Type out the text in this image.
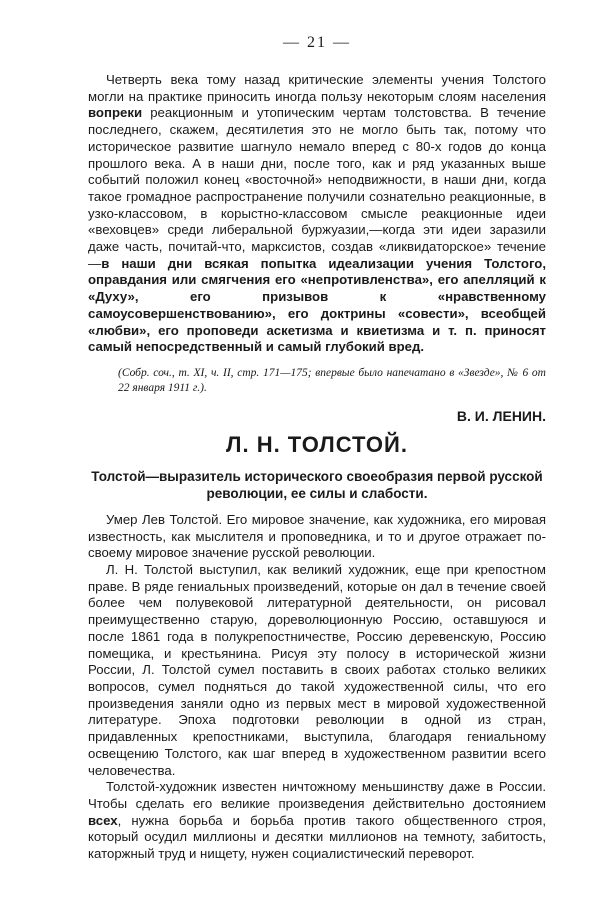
— 21 —

Четверть века тому назад критические элементы учения Толстого могли на практике приносить иногда пользу некоторым слоям населения вопреки реакционным и утопическим чертам толстовства. В течение последнего, скажем, десятилетия это не могло быть так, потому что историческое развитие шагнуло немало вперед с 80-х годов до конца прошлого века. А в наши дни, после того, как и ряд указанных выше событий положил конец «восточной» неподвижности, в наши дни, когда такое громадное распространение получили сознательно реакционные, в узко-классовом, в корыстно-классовом смысле реакционные идеи «веховцев» среди либеральной буржуазии,—когда эти идеи заразили даже часть, почитай-что, марксистов, создав «ликвидаторское» течение—в наши дни всякая попытка идеализации учения Толстого, оправдания или смягчения его «непротивленства», его апелляций к «Духу», его призывов к «нравственному самоусовершенствованию», его доктрины «совести», всеобщей «любви», его проповеди аскетизма и квиетизма и т. п. приносят самый непосредственный и самый глубокий вред.

(Собр. соч., т. XI, ч. II, стр. 171—175; впервые было напечатано в «Звезде», № 6 от 22 января 1911 г.).

В. И. ЛЕНИН.
Л. Н. ТОЛСТОЙ.
Толстой—выразитель исторического своеобразия первой русской революции, ее силы и слабости.

Умер Лев Толстой. Его мировое значение, как художника, его мировая известность, как мыслителя и проповедника, и то и другое отражает по-своему мировое значение русской революции.

Л. Н. Толстой выступил, как великий художник, еще при крепостном праве. В ряде гениальных произведений, которые он дал в течение своей более чем полувековой литературной деятельности, он рисовал преимущественно старую, дореволюционную Россию, оставшуюся и после 1861 года в полукрепостничестве, Россию деревенскую, Россию помещика, и крестьянина. Рисуя эту полосу в исторической жизни России, Л. Толстой сумел поставить в своих работах столько великих вопросов, сумел подняться до такой художественной силы, что его произведения заняли одно из первых мест в мировой художественной литературе. Эпоха подготовки революции в одной из стран, придавленных крепостниками, выступила, благодаря гениальному освещению Толстого, как шаг вперед в художественном развитии всего человечества.

Толстой-художник известен ничтожному меньшинству даже в России. Чтобы сделать его великие произведения действительно достоянием всех, нужна борьба и борьба против такого общественного строя, который осудил миллионы и десятки миллионов на темноту, забитость, каторжный труд и нищету, нужен социалистический переворот.
